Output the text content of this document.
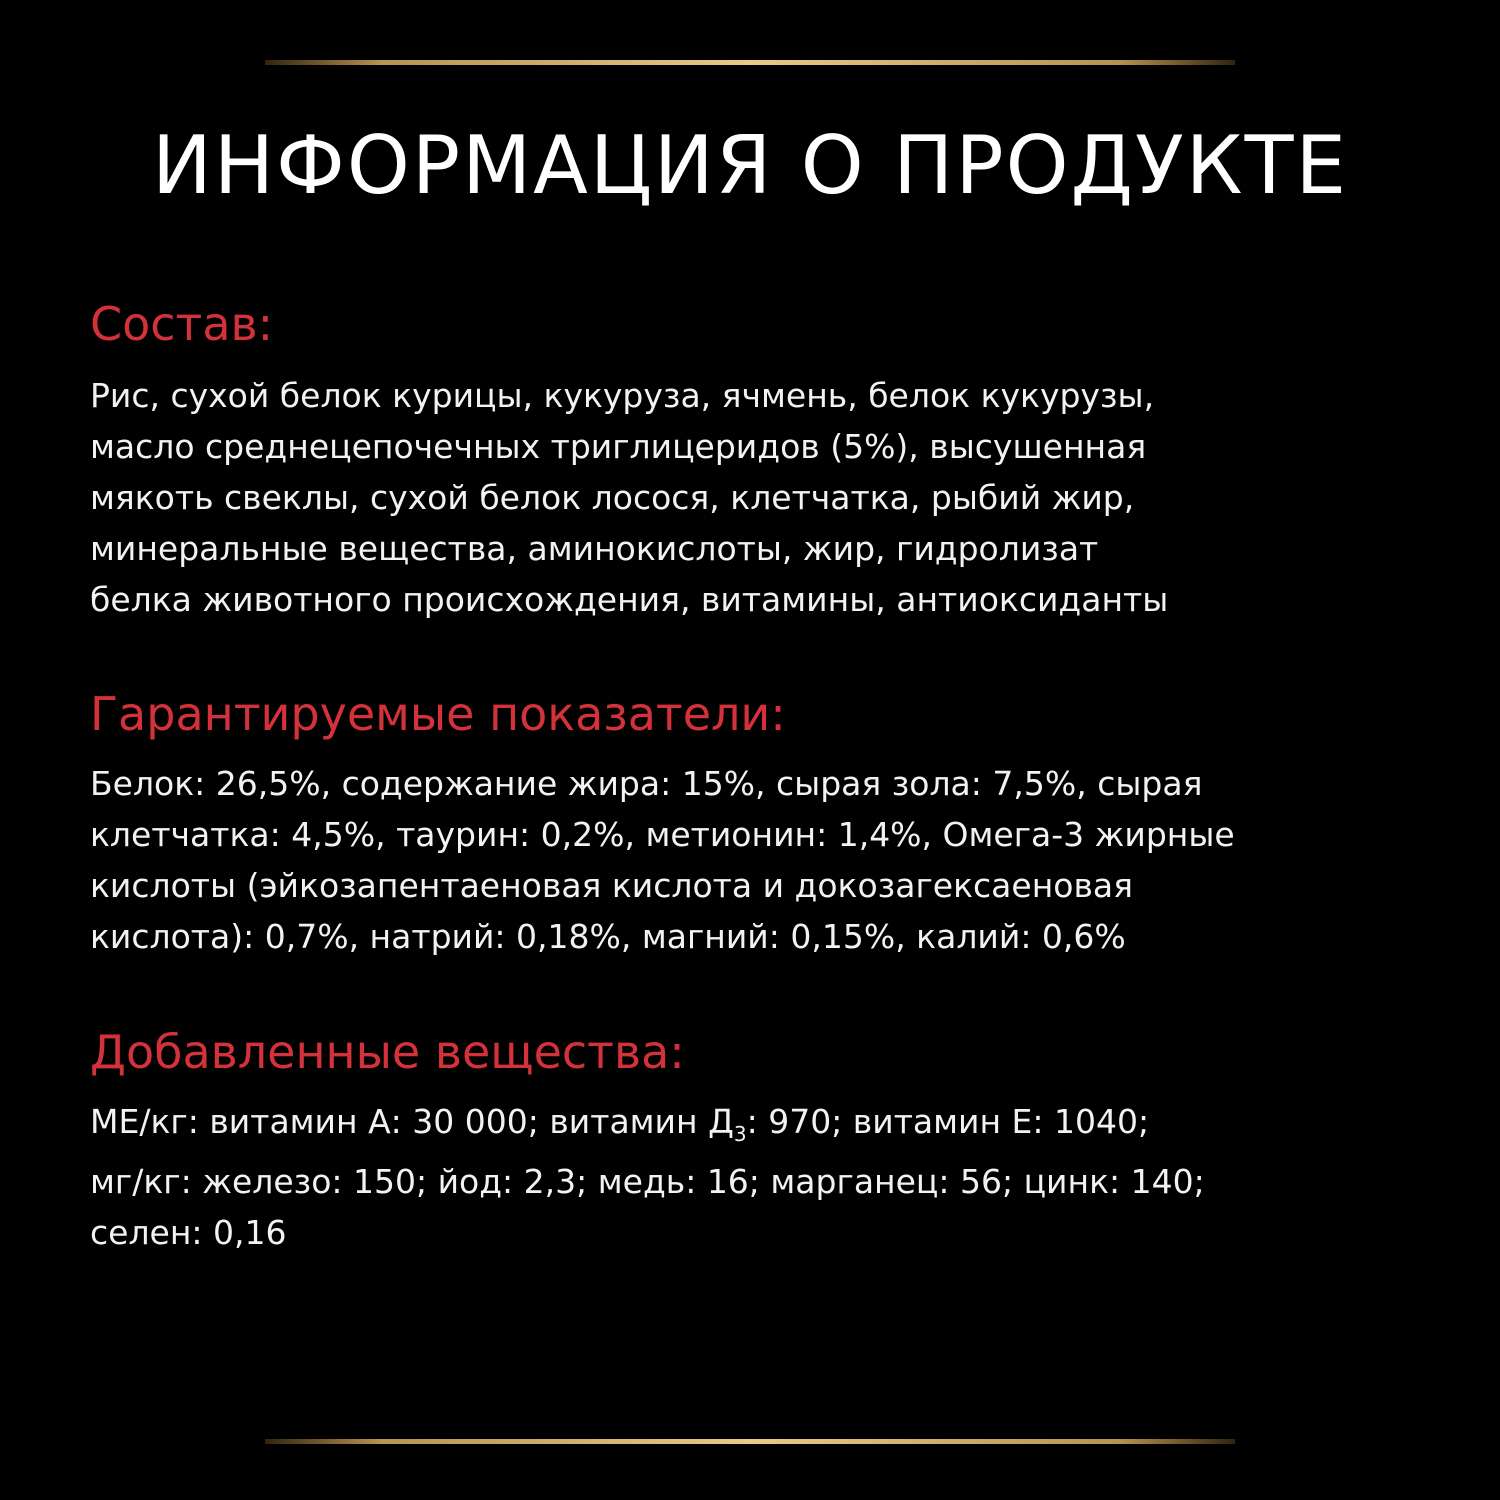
ИНФОРМАЦИЯ О ПРОДУКТЕ
Состав:
Рис, сухой белок курицы, кукуруза, ячмень, белок кукурузы,
масло среднецепочечных триглицеридов (5%), высушенная
мякоть свеклы, сухой белок лосося, клетчатка, рыбий жир,
минеральные вещества, аминокислоты, жир, гидролизат
белка животного происхождения, витамины, антиоксиданты
Гарантируемые показатели:
Белок: 26,5%, содержание жира: 15%, сырая зола: 7,5%, сырая
клетчатка: 4,5%, таурин: 0,2%, метионин: 1,4%, Омега-3 жирные
кислоты (эйкозапентаеновая кислота и докозагексаеновая
кислота): 0,7%, натрий: 0,18%, магний: 0,15%, калий: 0,6%
Добавленные вещества:
МЕ/кг: витамин А: 30 000; витамин $Д_3$: 970; витамин Е: 1040;
мг/кг: железо: 150; йод: 2,3; медь: 16; марганец: 56; цинк: 140;
селен: 0,16
